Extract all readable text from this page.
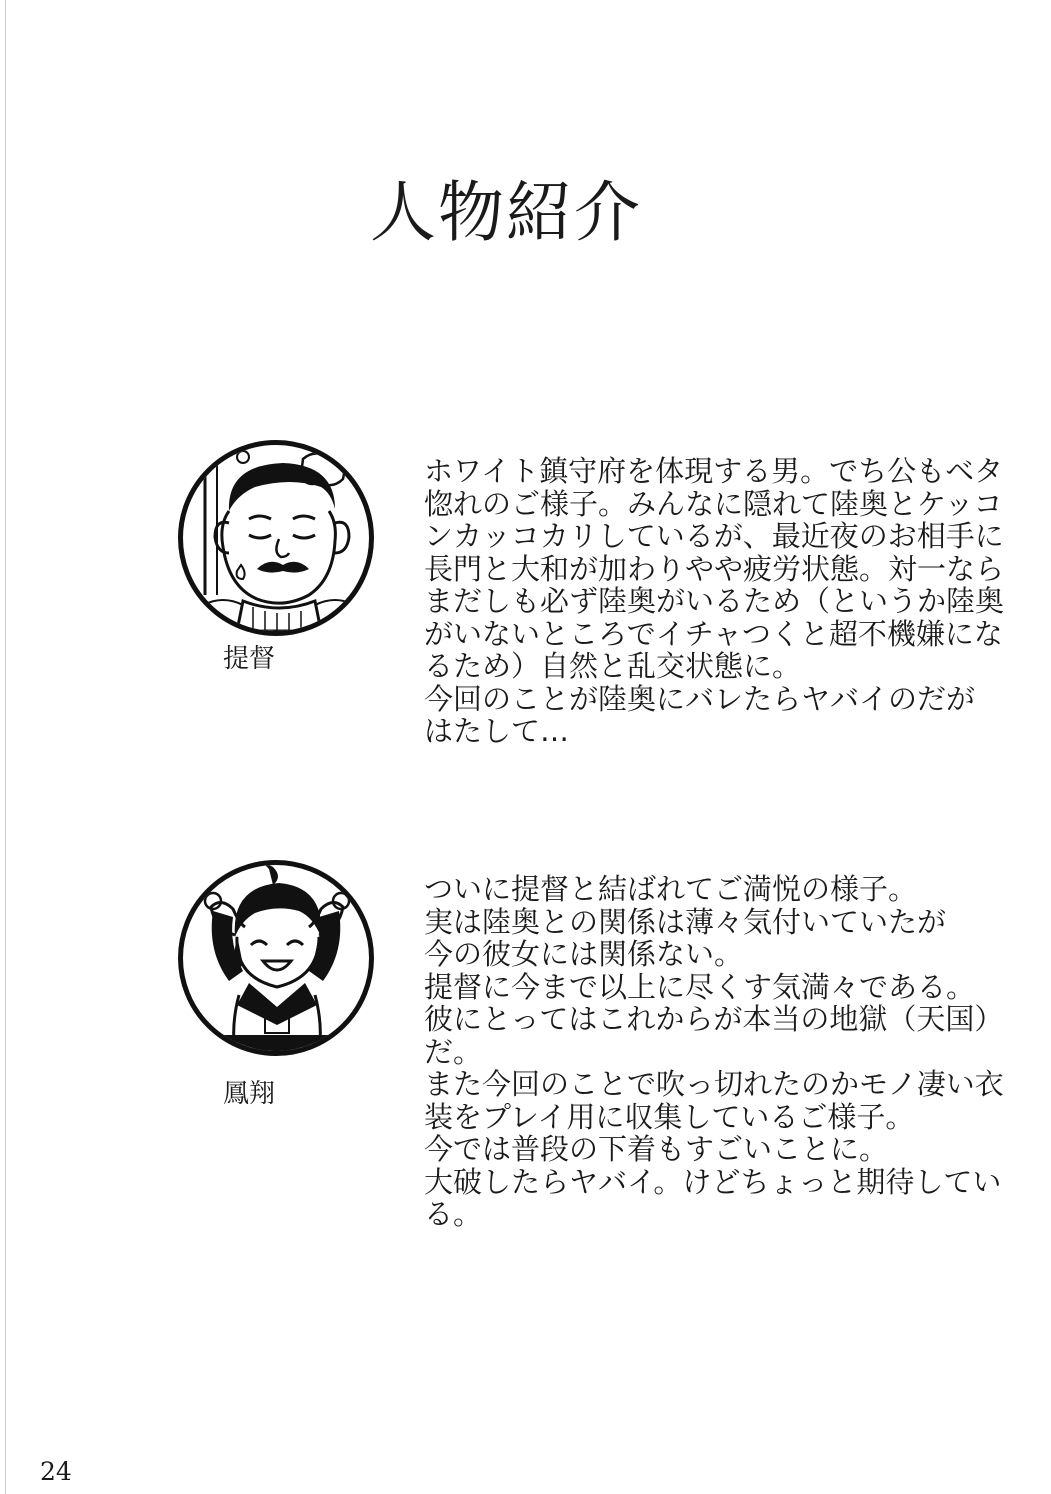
人物紹介
提督
ホワイト鎮守府を体現する男。でち公もベタ
惚れのご様子。みんなに隠れて陸奥とケッコ
ンカッコカリしているが、最近夜のお相手に
長門と大和が加わりやや疲労状態。対一なら
まだしも必ず陸奥がいるため（というか陸奥
がいないところでイチャつくと超不機嫌にな
るため）自然と乱交状態に。
今回のことが陸奥にバレたらヤバイのだが
はたして…
鳳翔
ついに提督と結ばれてご満悦の様子。
実は陸奥との関係は薄々気付いていたが
今の彼女には関係ない。
提督に今まで以上に尽くす気満々である。
彼にとってはこれからが本当の地獄（天国）
だ。
また今回のことで吹っ切れたのかモノ凄い衣
装をプレイ用に収集しているご様子。
今では普段の下着もすごいことに。
大破したらヤバイ。けどちょっと期待してい
る。
24
